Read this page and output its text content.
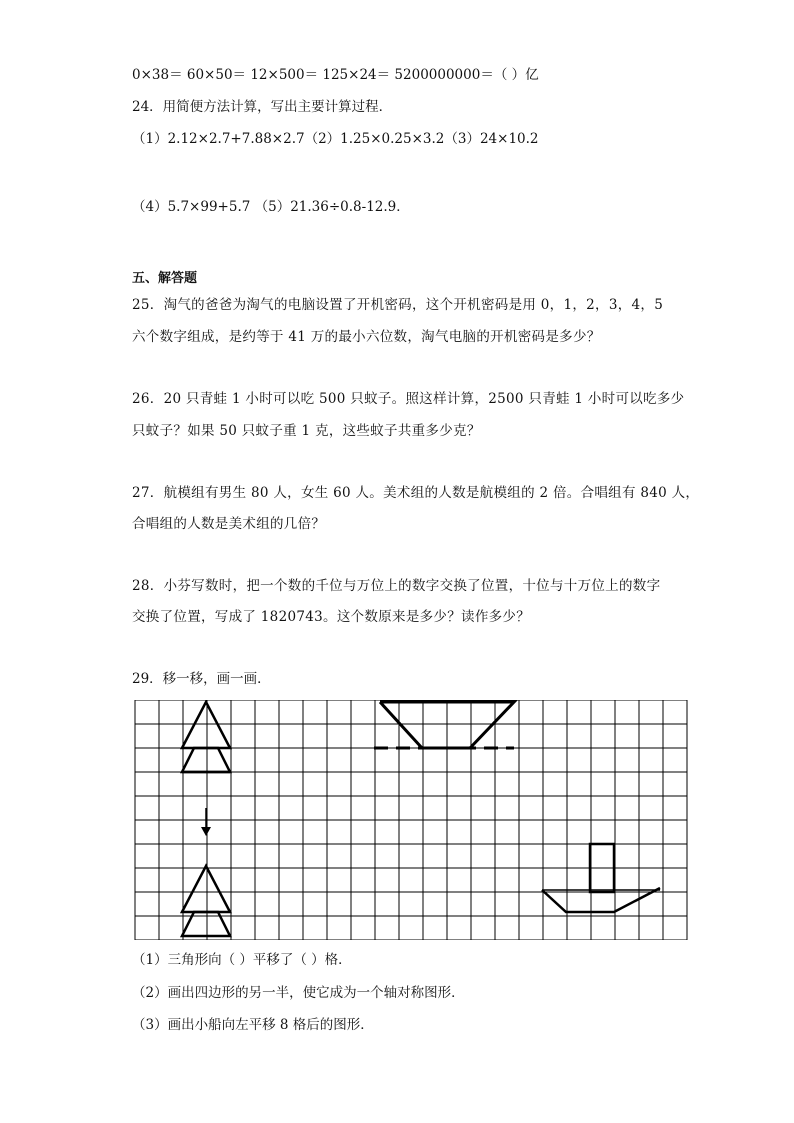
0×38＝ 60×50＝ 12×500＝ 125×24＝ 5200000000＝（ ）亿
24．用简便方法计算，写出主要计算过程．
（1）2.12×2.7+7.88×2.7（2）1.25×0.25×3.2（3）24×10.2
（4）5.7×99+5.7 （5）21.36÷0.8-12.9．
五、解答题
25．淘气的爸爸为淘气的电脑设置了开机密码，这个开机密码是用 0，1，2，3，4，5
六个数字组成，是约等于 41 万的最小六位数，淘气电脑的开机密码是多少？
26．20 只青蛙 1 小时可以吃 500 只蚊子。照这样计算，2500 只青蛙 1 小时可以吃多少
只蚊子？如果 50 只蚊子重 1 克，这些蚊子共重多少克？
27．航模组有男生 80 人，女生 60 人。美术组的人数是航模组的 2 倍。合唱组有 840 人，
合唱组的人数是美术组的几倍？
28．小芬写数时，把一个数的千位与万位上的数字交换了位置，十位与十万位上的数字
交换了位置，写成了 1820743。这个数原来是多少？读作多少？
29．移一移，画一画．
（1）三角形向（ ）平移了（ ）格．
（2）画出四边形的另一半，使它成为一个轴对称图形．
（3）画出小船向左平移 8 格后的图形．
